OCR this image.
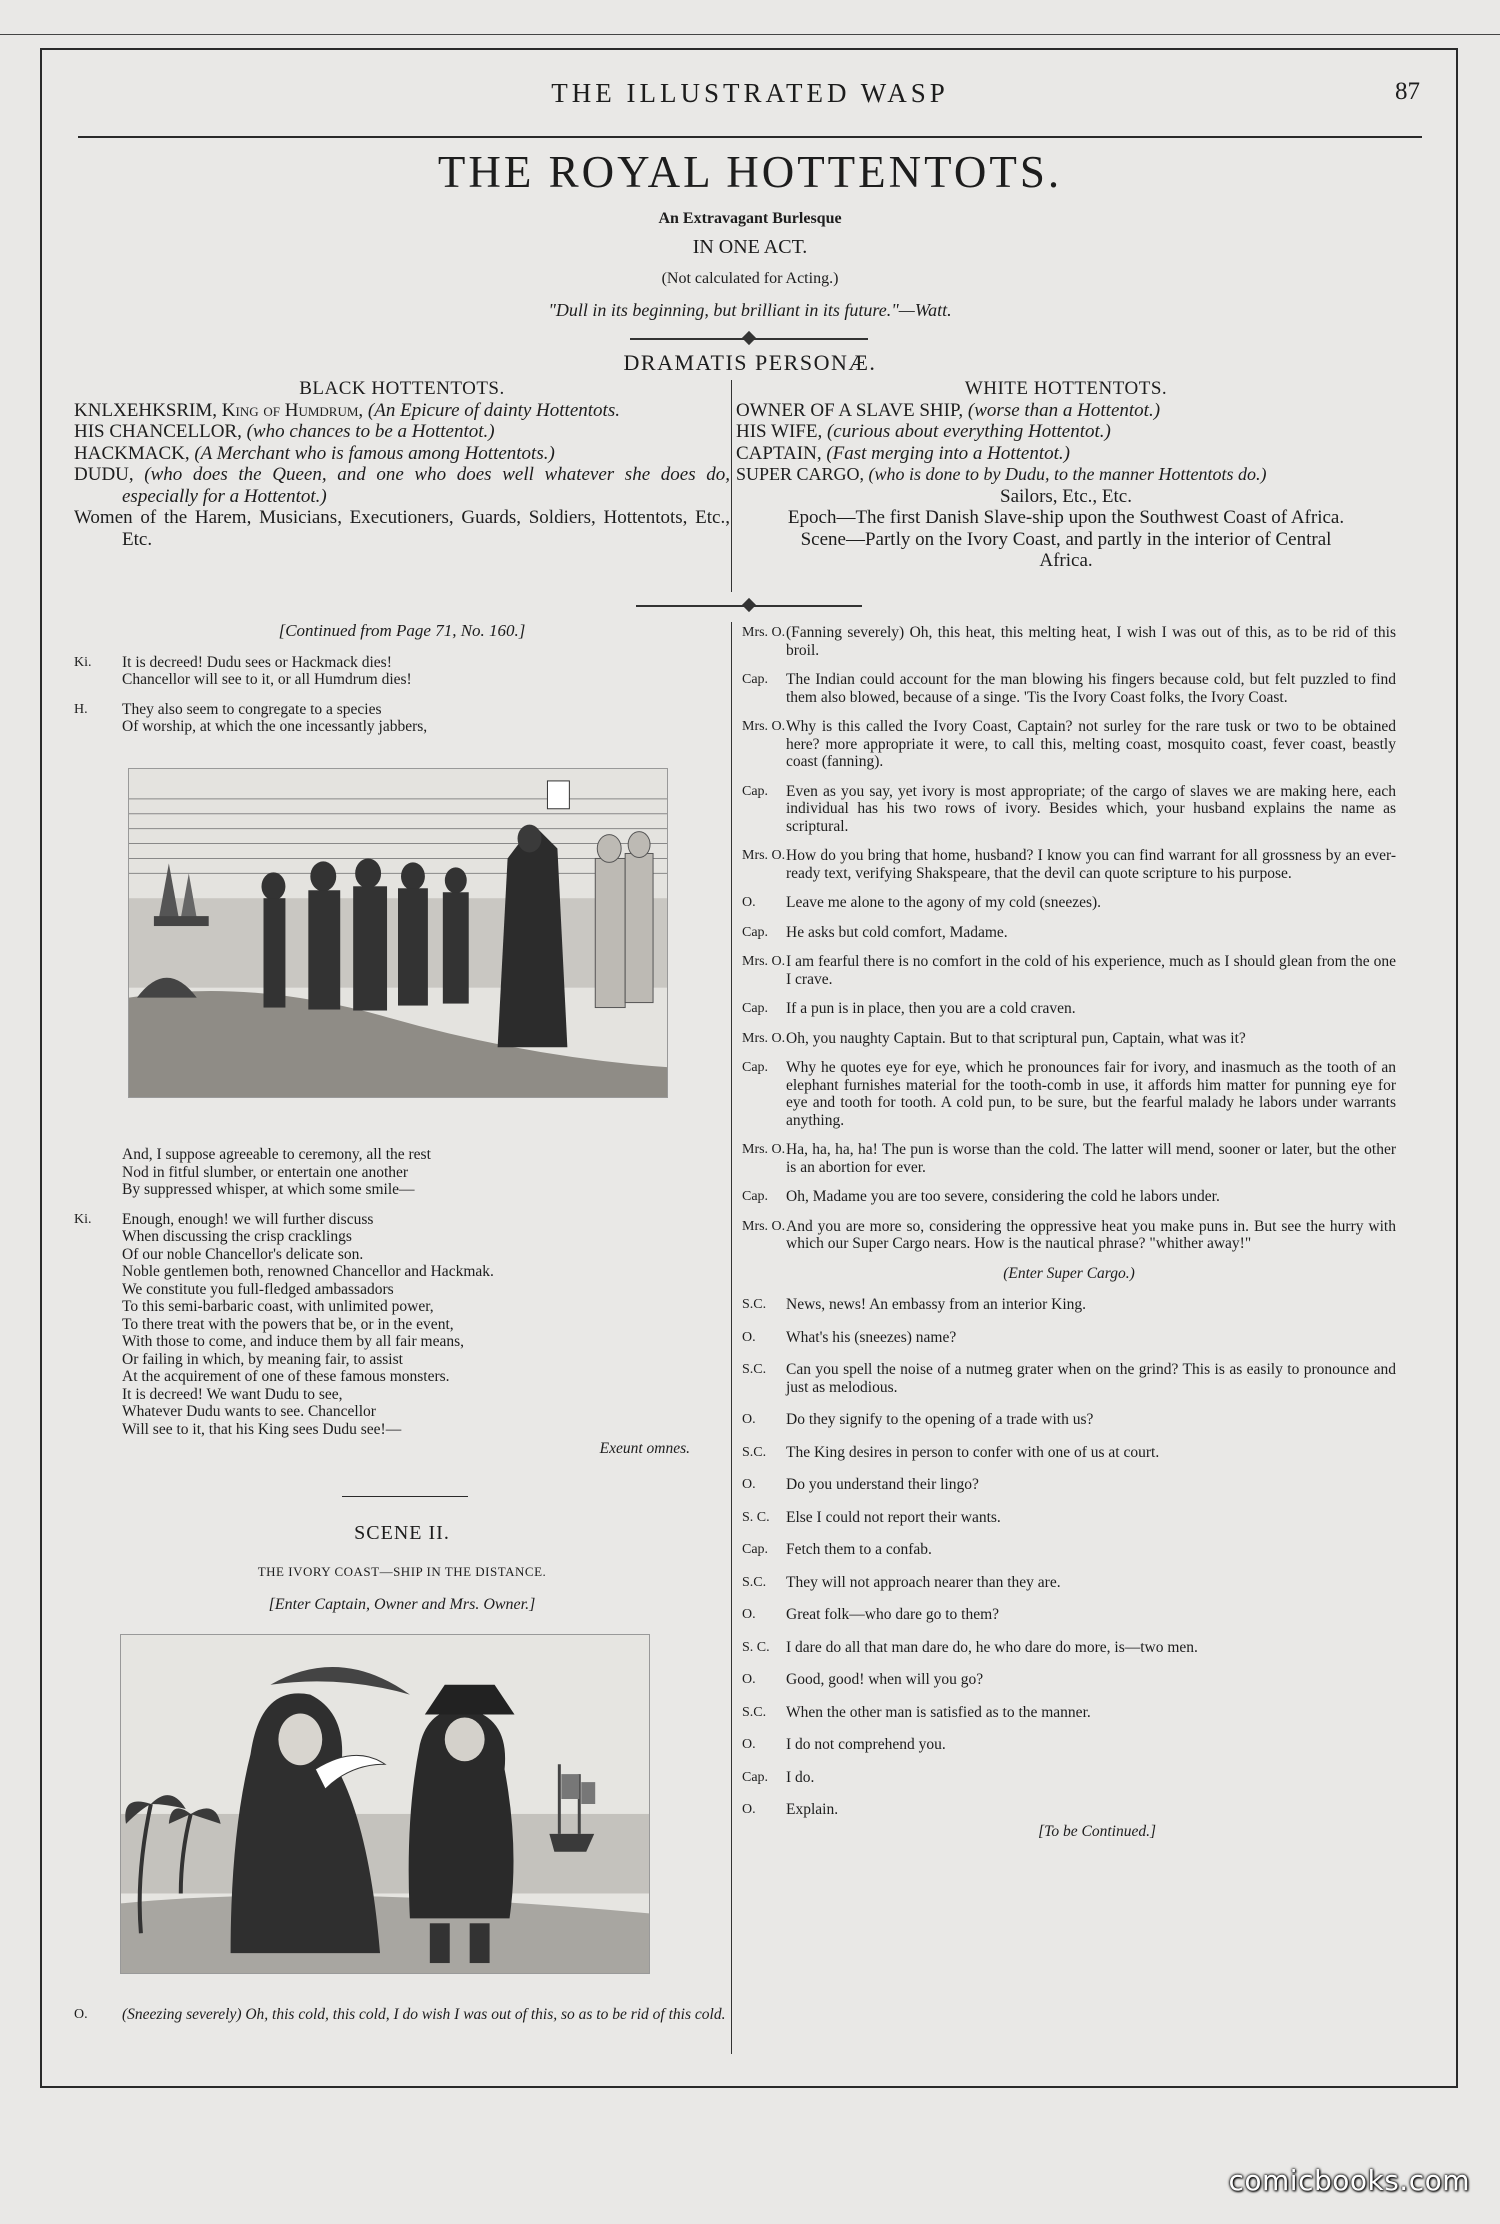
THE ILLUSTRATED WASP	87
THE ROYAL HOTTENTOTS.
An Extravagant Burlesque
IN ONE ACT.
(Not calculated for Acting.)
"Dull in its beginning, but brilliant in its future."—Watt.
DRAMATIS PERSONÆ.
BLACK HOTTENTOTS.
KNLXEHKSRIM, King of Humdrum, (An Epicure of dainty Hottentots.
HIS CHANCELLOR, (who chances to be a Hottentot.)
HACKMACK, (A Merchant who is famous among Hottentots.)
DUDU, (who does the Queen, and one who does well whatever she does do, especially for a Hottentot.)
Women of the Harem, Musicians, Executioners, Guards, Soldiers, Hottentots, Etc., Etc.
WHITE HOTTENTOTS.
OWNER OF A SLAVE SHIP, (worse than a Hottentot.)
HIS WIFE, (curious about everything Hottentot.)
CAPTAIN, (Fast merging into a Hottentot.)
SUPER CARGO, (who is done to by Dudu, to the manner Hottentots do.)
Sailors, Etc., Etc.
Epoch—The first Danish Slave-ship upon the Southwest Coast of Africa.
Scene—Partly on the Ivory Coast, and partly in the interior of Central Africa.
[Continued from Page 71, No. 160.]
Ki.	It is decreed! Dudu sees or Hackmack dies!
Chancellor will see to it, or all Humdrum dies!
H.	They also seem to congregate to a species
Of worship, at which the one incessantly jabbers,
And, I suppose agreeable to ceremony, all the rest
Nod in fitful slumber, or entertain one another
By suppressed whisper, at which some smile—
Ki.	Enough, enough! we will further discuss
When discussing the crisp cracklings
Of our noble Chancellor's delicate son.
Noble gentlemen both, renowned Chancellor and Hackmak.
We constitute you full-fledged ambassadors
To this semi-barbaric coast, with unlimited power,
To there treat with the powers that be, or in the event,
With those to come, and induce them by all fair means,
Or failing in which, by meaning fair, to assist
At the acquirement of one of these famous monsters.
It is decreed! We want Dudu to see,
Whatever Dudu wants to see. Chancellor
Will see to it, that his King sees Dudu see!—
Exeunt omnes.
SCENE II.
THE IVORY COAST—SHIP IN THE DISTANCE.
[Enter Captain, Owner and Mrs. Owner.]
O.	(Sneezing severely) Oh, this cold, this cold, I do wish I was out of this, so as to be rid of this cold.
Mrs. O. (Fanning severely) Oh, this heat, this melting heat, I wish I was out of this, as to be rid of this broil.
Cap.	The Indian could account for the man blowing his fingers because cold, but felt puzzled to find them also blowed, because of a singe. 'Tis the Ivory Coast folks, the Ivory Coast.
Mrs. O. Why is this called the Ivory Coast, Captain? not surley for the rare tusk or two to be obtained here? more appropriate it were, to call this, melting coast, mosquito coast, fever coast, beastly coast (fanning).
Cap.	Even as you say, yet ivory is most appropriate; of the cargo of slaves we are making here, each individual has his two rows of ivory. Besides which, your husband explains the name as scriptural.
Mrs. O. How do you bring that home, husband? I know you can find warrant for all grossness by an ever-ready text, verifying Shakspeare, that the devil can quote scripture to his purpose.
O.	Leave me alone to the agony of my cold (sneezes).
Cap.	He asks but cold comfort, Madame.
Mrs. O. I am fearful there is no comfort in the cold of his experience, much as I should glean from the one I crave.
Cap.	If a pun is in place, then you are a cold craven.
Mrs. O. Oh, you naughty Captain. But to that scriptural pun, Captain, what was it?
Cap.	Why he quotes eye for eye, which he pronounces fair for ivory, and inasmuch as the tooth of an elephant furnishes material for the tooth-comb in use, it affords him matter for punning eye for eye and tooth for tooth. A cold pun, to be sure, but the fearful malady he labors under warrants anything.
Mrs. O. Ha, ha, ha, ha! The pun is worse than the cold. The latter will mend, sooner or later, but the other is an abortion for ever.
Cap.	Oh, Madame you are too severe, considering the cold he labors under.
Mrs. O. And you are more so, considering the oppressive heat you make puns in. But see the hurry with which our Super Cargo nears. How is the nautical phrase? "whither away!"
(Enter Super Cargo.)
S.C.	News, news! An embassy from an interior King.
O.	What's his (sneezes) name?
S.C.	Can you spell the noise of a nutmeg grater when on the grind? This is as easily to pronounce and just as melodious.
O.	Do they signify to the opening of a trade with us?
S.C.	The King desires in person to confer with one of us at court.
O.	Do you understand their lingo?
S. C.	Else I could not report their wants.
Cap.	Fetch them to a confab.
S.C.	They will not approach nearer than they are.
O.	Great folk—who dare go to them?
S. C.	I dare do all that man dare do, he who dare do more, is—two men.
O.	Good, good! when will you go?
S.C.	When the other man is satisfied as to the manner.
O.	I do not comprehend you.
Cap.	I do.
O.	Explain.
[To be Continued.]
comicbooks.com
